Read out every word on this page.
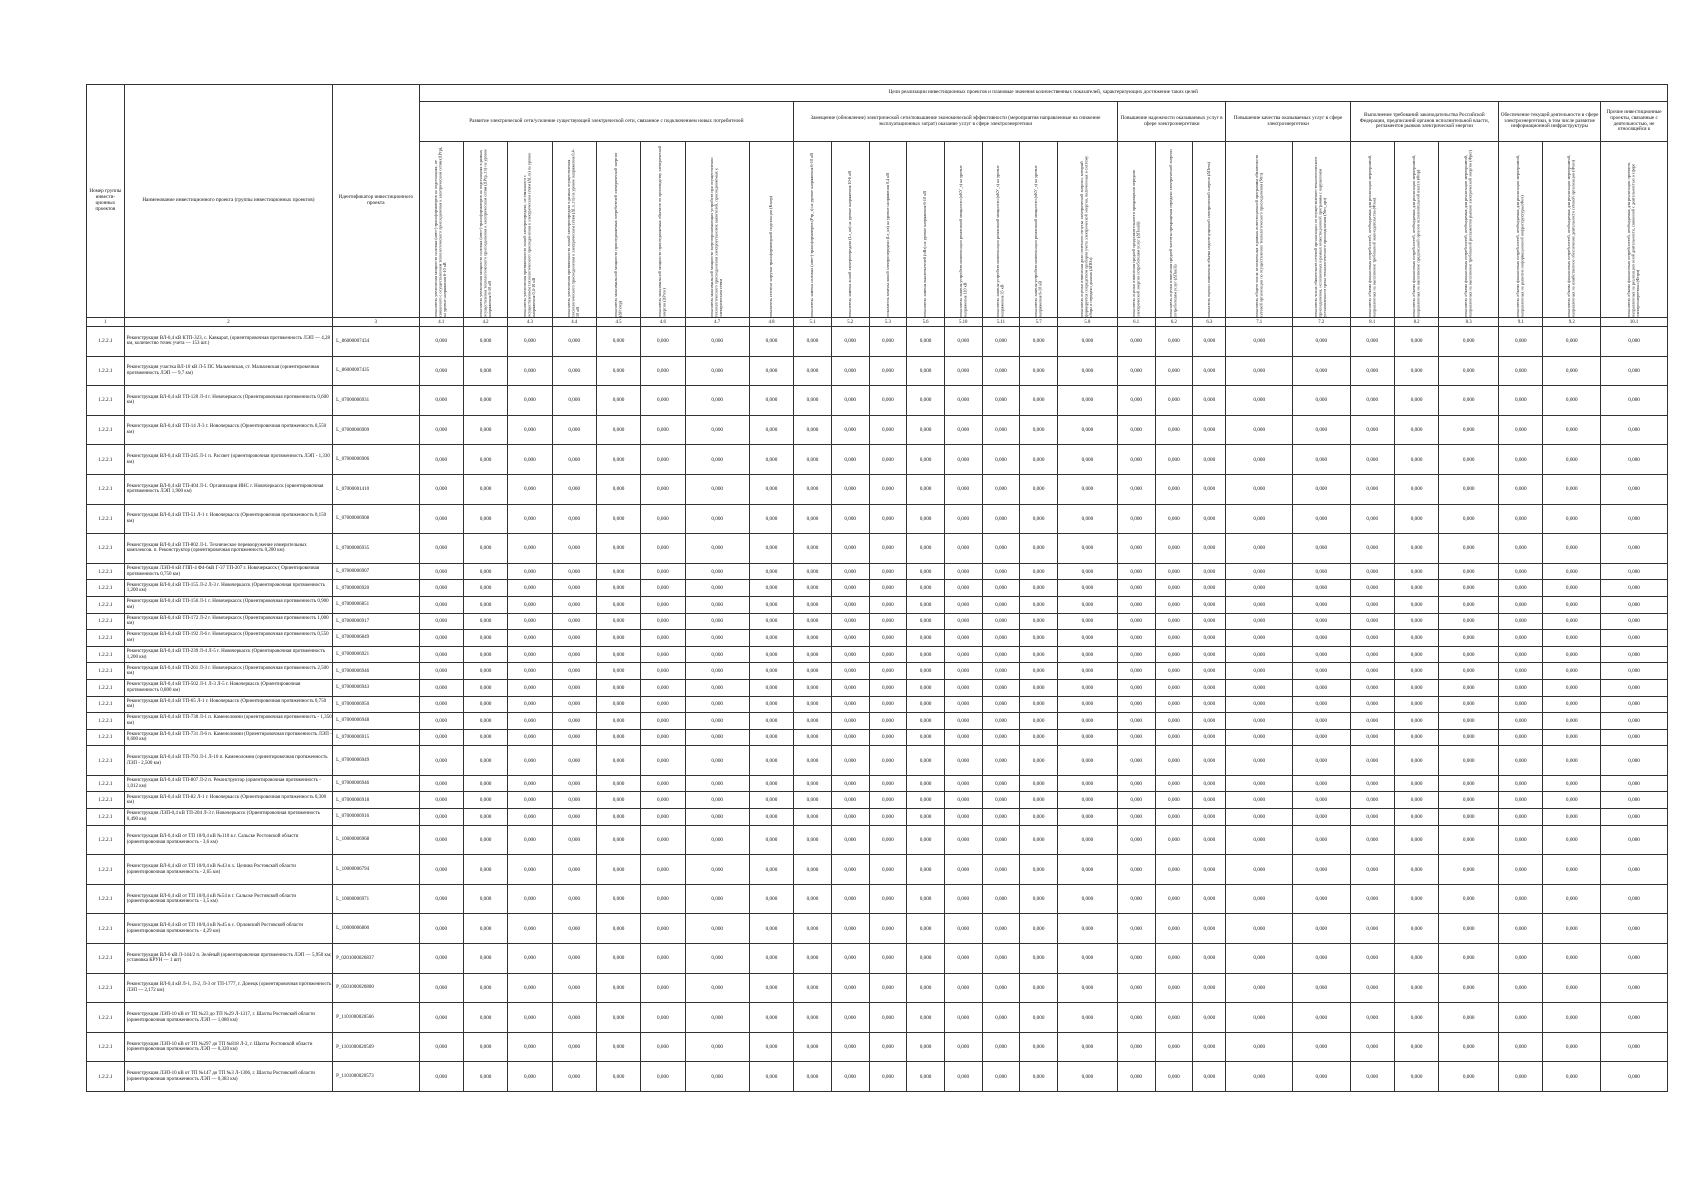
Номер группы инвести-ционных проектов	Наименование инвестиционного проекта (группы инвестиционных проектов)	Идентификатор инвестиционного проекта	Цели реализации инвестиционных проектов и плановые значения количественных показателей, характеризующих достижение таких целей																										
			Развитие электрической сети/усиление существующей электрической сети, связанное с подключением новых потребителей								Замещение (обновление) электрической сети/повышение экономической эффективности (мероприятия направленные на снижение эксплуатационных затрат) оказание услуг в сфере электроэнергетики								Повышение надежности оказываемых услуг в сфере электроэнергетики			Повышение качества оказываемых услуг в сфере электроэнергетики		Выполнение требований законодательства Российской Федерации, предписаний органов исполнительной власти, регламентов рынков электрической энергии			Обеспечение текущей деятельности в сфере электроэнергетики, в том числе развитие информационной инфраструктуры		Прочие инвестиционные проекты, связанные с деятельностью, не относящейся к

			показатель увеличения мощности силовых (авто-) трансформаторов на подстанциях, не связанного с осуществлением технологического присоединения к электрическим сетям (ΔРтр), на уровне напряжения 6-10 кВ	показатель увеличения мощности силовых (авто-) трансформаторов на подстанциях в рамках осуществления технологического присоединения к электрическим сетям (ΔРтр_тп) на уровне напряжения 6-10 кВ	показатель увеличения протяженности линий электропередачи, не связанного с осуществлением технологического присоединения к электрическим сетям (ΔLnз) на уровне напряжения 0,4-10 кВ	показатель увеличения протяженности линий электропередачи в рамках осуществления технологического присоединения к электрическим сетям (ΔLn_тп) на уровне напряжения 0,4-10 кВ	показатель максимальной мощности присоединяемых потребителей электрической энергии (ΔРпотр)	показатель максимальной мощности присоединяемых объектов по производству электрической энергии (ΔРген)	показатель максимальной мощности энергопринимающих устройств при осуществлении технологического присоединения электроустановок заявителей, присоединяемых к электрическим сетям	показатель степени загрузки трансформаторной подстанции (Кзагр)	показатель замены силовых (авто-) трансформаторов (Ртр_з) на уровне напряжения 6-10 кВ	показатель замены линий электропередачи (Lз_кв) на уровне напряжения 10-6 кВ	показатель замены линий электропередачи (Lз_кв) на уровне напряжения 0,4 кВ	показатель замены выключателей (nВз) на уровне напряжения 6-10 кВ	показатель замены устройств компенсации реактивной мощности (nКУ_з) на уровне напряжения 110 кВ	показатель замены устройств компенсации реактивной мощности (nКУ_з) на уровне напряжения 35 кВ	показатель замены устройств компенсации реактивной мощности (nКУ_з) на уровне напряжения 6-10 кВ	показатель оценки изменения доли полезного отпуска электрической энергии, который формируется посредством приборов учета электрической энергии, включенных в систему сбора и передачи данных (ΔПОэ)	показатель оценки изменения средней продолжительности прекращения передачи электрической энергии потребителям услуг (ΔПsaidi)	показатель оценки изменения средней частоты прекращения передачи электрической энергии потребителям услуг (ΔПsaifi)	показатель оценки изменения объема недоотпущенной электрической энергии (ΔПens)	показатель общего числа исполненных в рамках инвестиционной программы обязательств сетевой организации по осуществлению технологического присоединения (Nтп)	показатель числа обязательств сетевой организации по осуществлению технологического присоединения, исполненных в рамках инвестиционной программы с нарушением установленного срока технологического присоединения (Nтп_нрз)	показатель объема финансовых потребностей, необходимых для реализации мероприятий, направленных на выполнение требований законодательства (Фзак)	показатель объема финансовых потребностей, необходимых для реализации мероприятий, направленных на выполнение предписаний органов исполнительной власти (Фпр)	показатель объема финансовых потребностей, необходимых для реализации мероприятий, направленных на выполнение требований регламентов рынков электрической энергии (Фрег)	показатель объема финансовых потребностей, необходимых для реализации мероприятий, направленных на развитие информационной инфраструктуры (Фит)	показатель объема финансовых потребностей, необходимых для реализации мероприятий, направленных на хозяйственное обеспечение деятельности сетевой организации (Фхоз)	показатель объема финансовых потребностей, необходимых для реализации проектов, направленных на реализацию иной деятельности, связанной с деятельностью в сфере электроэнергетики (Фпрч)

1	2	3	4.1	4.2	4.3	4.4	4.5	4.6	4.7	4.8	5.1	5.2	5.3	5.6	5.10	5.11	5.7	5.8	6.1	6.2	6.3	7.1	7.2	8.1	8.2	8.3	9.1	9.2	10.1
1.2.2.1	Реконструкция ВЛ-0,4 кВ КТП-323, с. Кавкарат, (ориентировочная протяженность ЛЭП — 4,28 км, количество точек учета — 153 шт.)	L_86000007434	0,000	0,000	0,000	0,000	0,000	0,000	0,000	0,000	0,000	0,000	0,000	0,000	0,000	0,000	0,000	0,000	0,000	0,000	0,000	0,000	0,000	0,000	0,000	0,000	0,000	0,000	0,000
1.2.2.1	Реконструкция участка ВЛ-10 кВ Л-5 ПС Мальчевская, ст. Мальчевская (ориентировочная протяженность ЛЭП — 9,7 км)	L_86000007435	0,000	0,000	0,000	0,000	0,000	0,000	0,000	0,000	0,000	0,000	0,000	0,000	0,000	0,000	0,000	0,000	0,000	0,000	0,000	0,000	0,000	0,000	0,000	0,000	0,000	0,000	0,000
1.2.2.1	Реконструкция ВЛ-0,4 кВ ТП-120 Л-4 г. Новочеркасск (Ориентировочная протяженность 0,600 км)	L_07000006931	0,000	0,000	0,000	0,000	0,000	0,000	0,000	0,000	0,000	0,000	0,000	0,000	0,000	0,000	0,000	0,000	0,000	0,000	0,000	0,000	0,000	0,000	0,000	0,000	0,000	0,000	0,000
1.2.2.1	Реконструкция ВЛ-0,4 кВ ТП-14 Л-3 г. Новочеркасск (Ориентировочная протяженность 0,550 км)	L_07000006909	0,000	0,000	0,000	0,000	0,000	0,000	0,000	0,000	0,000	0,000	0,000	0,000	0,000	0,000	0,000	0,000	0,000	0,000	0,000	0,000	0,000	0,000	0,000	0,000	0,000	0,000	0,000
1.2.2.1	Реконструкция ВЛ-0,4 кВ ТП-245 Л-1 п. Рассвет (ориентировочная протяженность ЛЭП - 1,330 км)	L_07000006906	0,000	0,000	0,000	0,000	0,000	0,000	0,000	0,000	0,000	0,000	0,000	0,000	0,000	0,000	0,000	0,000	0,000	0,000	0,000	0,000	0,000	0,000	0,000	0,000	0,000	0,000	0,000
1.2.2.1	Реконструкция ВЛ-0,4 кВ ТП-404 Л-1. Организация ИНС г. Новочеркасск (ориентировочная протяженность ЛЭП 1,900 км)	L_07000001410	0,000	0,000	0,000	0,000	0,000	0,000	0,000	0,000	0,000	0,000	0,000	0,000	0,000	0,000	0,000	0,000	0,000	0,000	0,000	0,000	0,000	0,000	0,000	0,000	0,000	0,000	0,000
1.2.2.1	Реконструкция ВЛ-0,4 кВ ТП-51 Л-1 г. Новочеркасск (Ориентировочная протяженность 0,150 км)	L_07000006908	0,000	0,000	0,000	0,000	0,000	0,000	0,000	0,000	0,000	0,000	0,000	0,000	0,000	0,000	0,000	0,000	0,000	0,000	0,000	0,000	0,000	0,000	0,000	0,000	0,000	0,000	0,000
1.2.2.1	Реконструкция ВЛ-0,4 кВ ТП-802 Л-1. Техническое перевооружение измерительных комплексов. п. Реконструктор (ориентировочная протяженность 0,200 км)	L_07000006935	0,000	0,000	0,000	0,000	0,000	0,000	0,000	0,000	0,000	0,000	0,000	0,000	0,000	0,000	0,000	0,000	0,000	0,000	0,000	0,000	0,000	0,000	0,000	0,000	0,000	0,000	0,000
1.2.2.1	Реконструкция ЛЭП-6 кВ ГПП-4 Ф4-6кВ Г-37 ТП-207 г. Новочеркасск ( Ориентировочная протяженность 0,750 км)	L_07000006907	0,000	0,000	0,000	0,000	0,000	0,000	0,000	0,000	0,000	0,000	0,000	0,000	0,000	0,000	0,000	0,000	0,000	0,000	0,000	0,000	0,000	0,000	0,000	0,000	0,000	0,000	0,000
1.2.2.1	Реконструкция ВЛ-0,4 кВ ТП-155 Л-2 Л-3 г. Новочеркасск (Ориентировочная протяженность 1,200 км)	L_07000006920	0,000	0,000	0,000	0,000	0,000	0,000	0,000	0,000	0,000	0,000	0,000	0,000	0,000	0,000	0,000	0,000	0,000	0,000	0,000	0,000	0,000	0,000	0,000	0,000	0,000	0,000	0,000
1.2.2.1	Реконструкция ВЛ-0,4 кВ ТП-156 Л-1 г. Новочеркасск (Ориентировочная протяженность 0,900 км)	L_07000006851	0,000	0,000	0,000	0,000	0,000	0,000	0,000	0,000	0,000	0,000	0,000	0,000	0,000	0,000	0,000	0,000	0,000	0,000	0,000	0,000	0,000	0,000	0,000	0,000	0,000	0,000	0,000
1.2.2.1	Реконструкция ВЛ-0,4 кВ ТП-172 Л-2 г. Новочеркасск (Ориентировочная протяженность 1,000 км)	L_07000006917	0,000	0,000	0,000	0,000	0,000	0,000	0,000	0,000	0,000	0,000	0,000	0,000	0,000	0,000	0,000	0,000	0,000	0,000	0,000	0,000	0,000	0,000	0,000	0,000	0,000	0,000	0,000
1.2.2.1	Реконструкция ВЛ-0,4 кВ ТП-192 Л-6 г. Новочеркасск (Ориентировочная протяженность 0,550 км)	L_07000006849	0,000	0,000	0,000	0,000	0,000	0,000	0,000	0,000	0,000	0,000	0,000	0,000	0,000	0,000	0,000	0,000	0,000	0,000	0,000	0,000	0,000	0,000	0,000	0,000	0,000	0,000	0,000
1.2.2.1	Реконструкция ВЛ-0,4 кВ ТП-239 Л-4 Л-5 г. Новочеркасск (Ориентировочная протяженность 1,200 км)	L_07000006921	0,000	0,000	0,000	0,000	0,000	0,000	0,000	0,000	0,000	0,000	0,000	0,000	0,000	0,000	0,000	0,000	0,000	0,000	0,000	0,000	0,000	0,000	0,000	0,000	0,000	0,000	0,000
1.2.2.1	Реконструкция ВЛ-0,4 кВ ТП-261 Л-3 г. Новочеркасск (Ориентировочная протяженность 2,500 км)	L_07000006946	0,000	0,000	0,000	0,000	0,000	0,000	0,000	0,000	0,000	0,000	0,000	0,000	0,000	0,000	0,000	0,000	0,000	0,000	0,000	0,000	0,000	0,000	0,000	0,000	0,000	0,000	0,000
1.2.2.1	Реконструкция ВЛ-0,4 кВ ТП-502 Л-1 Л-3 Л-5 г. Новочеркасск (Ориентировочная протяженность 0,800 км)	L_07000006943	0,000	0,000	0,000	0,000	0,000	0,000	0,000	0,000	0,000	0,000	0,000	0,000	0,000	0,000	0,000	0,000	0,000	0,000	0,000	0,000	0,000	0,000	0,000	0,000	0,000	0,000	0,000
1.2.2.1	Реконструкция ВЛ-0,4 кВ ТП-65 Л-1 г. Новочеркасск (Ориентировочная протяженность 0,750 км)	L_07000006950	0,000	0,000	0,000	0,000	0,000	0,000	0,000	0,000	0,000	0,000	0,000	0,000	0,000	0,000	0,000	0,000	0,000	0,000	0,000	0,000	0,000	0,000	0,000	0,000	0,000	0,000	0,000
1.2.2.1	Реконструкция ВЛ-0,4 кВ ТП-730 Л-1 п. Каменоломни (ориентировочная протяженность - 1,350 км)	L_07000006948	0,000	0,000	0,000	0,000	0,000	0,000	0,000	0,000	0,000	0,000	0,000	0,000	0,000	0,000	0,000	0,000	0,000	0,000	0,000	0,000	0,000	0,000	0,000	0,000	0,000	0,000	0,000
1.2.2.1	Реконструкция ВЛ-0,4 кВ ТП-731 Л-6 п. Каменоломни (Ориентировочная протяженность ЛЭП - 0,600 км)	L_07000006915	0,000	0,000	0,000	0,000	0,000	0,000	0,000	0,000	0,000	0,000	0,000	0,000	0,000	0,000	0,000	0,000	0,000	0,000	0,000	0,000	0,000	0,000	0,000	0,000	0,000	0,000	0,000
1.2.2.1	Реконструкция ВЛ-0,4 кВ ТП-793 Л-1 Л-10 п. Каменоломни (ориентировочная протяженность ЛЭП - 2,500 км)	L_07000006949	0,000	0,000	0,000	0,000	0,000	0,000	0,000	0,000	0,000	0,000	0,000	0,000	0,000	0,000	0,000	0,000	0,000	0,000	0,000	0,000	0,000	0,000	0,000	0,000	0,000	0,000	0,000
1.2.2.1	Реконструкция ВЛ-0,4 кВ ТП-807 Л-2 п. Реконструктор (ориентировочная протяженность - 1,012 км)	L_07000006946	0,000	0,000	0,000	0,000	0,000	0,000	0,000	0,000	0,000	0,000	0,000	0,000	0,000	0,000	0,000	0,000	0,000	0,000	0,000	0,000	0,000	0,000	0,000	0,000	0,000	0,000	0,000
1.2.2.1	Реконструкция ВЛ-0,4 кВ ТП-82 Л-1 г. Новочеркасск (Ориентировочная протяженность 0,300 км)	L_07000006918	0,000	0,000	0,000	0,000	0,000	0,000	0,000	0,000	0,000	0,000	0,000	0,000	0,000	0,000	0,000	0,000	0,000	0,000	0,000	0,000	0,000	0,000	0,000	0,000	0,000	0,000	0,000
1.2.2.1	Реконструкция ЛЭП-0,4 кВ ТП-204 Л-3 г. Новочеркасск (Ориентировочная протяженность 0,490 км)	L_07000006916	0,000	0,000	0,000	0,000	0,000	0,000	0,000	0,000	0,000	0,000	0,000	0,000	0,000	0,000	0,000	0,000	0,000	0,000	0,000	0,000	0,000	0,000	0,000	0,000	0,000	0,000	0,000
1.2.2.1	Реконструкция ВЛ-0,4 кВ от ТП 10/0,4 кВ №110 в г. Сальске Ростовской области (ориентировочная протяженность - 3,6 км)	L_10000006968	0,000	0,000	0,000	0,000	0,000	0,000	0,000	0,000	0,000	0,000	0,000	0,000	0,000	0,000	0,000	0,000	0,000	0,000	0,000	0,000	0,000	0,000	0,000	0,000	0,000	0,000	0,000
1.2.2.1	Реконструкция ВЛ-0,4 кВ от ТП 10/0,4 кВ №43 в х. Целина Ростовской области (ориентировочная протяженность - 2,65 км)	L_10000006794	0,000	0,000	0,000	0,000	0,000	0,000	0,000	0,000	0,000	0,000	0,000	0,000	0,000	0,000	0,000	0,000	0,000	0,000	0,000	0,000	0,000	0,000	0,000	0,000	0,000	0,000	0,000
1.2.2.1	Реконструкция ВЛ-0,4 кВ от ТП 10/0,4 кВ №54 в г. Сальске Ростовской области (ориентировочная протяженность - 3,5 км)	L_10000006971	0,000	0,000	0,000	0,000	0,000	0,000	0,000	0,000	0,000	0,000	0,000	0,000	0,000	0,000	0,000	0,000	0,000	0,000	0,000	0,000	0,000	0,000	0,000	0,000	0,000	0,000	0,000
1.2.2.1	Реконструкция ВЛ-0,4 кВ от ТП 10/0,4 кВ №45 в с. Орловский Ростовской области (ориентировочная протяженность - 4,29 км)	L_10000006800	0,000	0,000	0,000	0,000	0,000	0,000	0,000	0,000	0,000	0,000	0,000	0,000	0,000	0,000	0,000	0,000	0,000	0,000	0,000	0,000	0,000	0,000	0,000	0,000	0,000	0,000	0,000
1.2.2.1	Реконструкция ВЛ-6 кВ Л-144/2 п. Зелёный (ориентировочная протяженность ЛЭП — 5,950 км; установка КРУН — 1 шт)	P_0201000020837	0,000	0,000	0,000	0,000	0,000	0,000	0,000	0,000	0,000	0,000	0,000	0,000	0,000	0,000	0,000	0,000	0,000	0,000	0,000	0,000	0,000	0,000	0,000	0,000	0,000	0,000	0,000
1.2.2.1	Реконструкция ВЛ-0,4 кВ Л-1, Л-2, Л-3 от ТП-1777, г. Донецк (ориентировочная протяженность ЛЭП — 2,172 км)	P_0501000020800	0,000	0,000	0,000	0,000	0,000	0,000	0,000	0,000	0,000	0,000	0,000	0,000	0,000	0,000	0,000	0,000	0,000	0,000	0,000	0,000	0,000	0,000	0,000	0,000	0,000	0,000	0,000
1.2.2.1	Реконструкция ЛЭП-10 кВ от ТП №23 до ТП №29 Л-1317, г. Шахты Ростовской области (ориентировочная протяженность ЛЭП — 1,080 км)	P_1101000020566	0,000	0,000	0,000	0,000	0,000	0,000	0,000	0,000	0,000	0,000	0,000	0,000	0,000	0,000	0,000	0,000	0,000	0,000	0,000	0,000	0,000	0,000	0,000	0,000	0,000	0,000	0,000
1.2.2.1	Реконструкция ЛЭП-10 кВ от ТП №297 до ТП №818 Л-2, г. Шахты Ростовской области (ориентировочная протяженность ЛЭП — 0,320 км)	P_1101000020569	0,000	0,000	0,000	0,000	0,000	0,000	0,000	0,000	0,000	0,000	0,000	0,000	0,000	0,000	0,000	0,000	0,000	0,000	0,000	0,000	0,000	0,000	0,000	0,000	0,000	0,000	0,000
1.2.2.1	Реконструкция ЛЭП-10 кВ от ТП №147 до ТП №3 Л-1306, г. Шахты Ростовской области (ориентировочная протяженность ЛЭП — 0,383 км)	P_1101000020573	0,000	0,000	0,000	0,000	0,000	0,000	0,000	0,000	0,000	0,000	0,000	0,000	0,000	0,000	0,000	0,000	0,000	0,000	0,000	0,000	0,000	0,000	0,000	0,000	0,000	0,000	0,000
